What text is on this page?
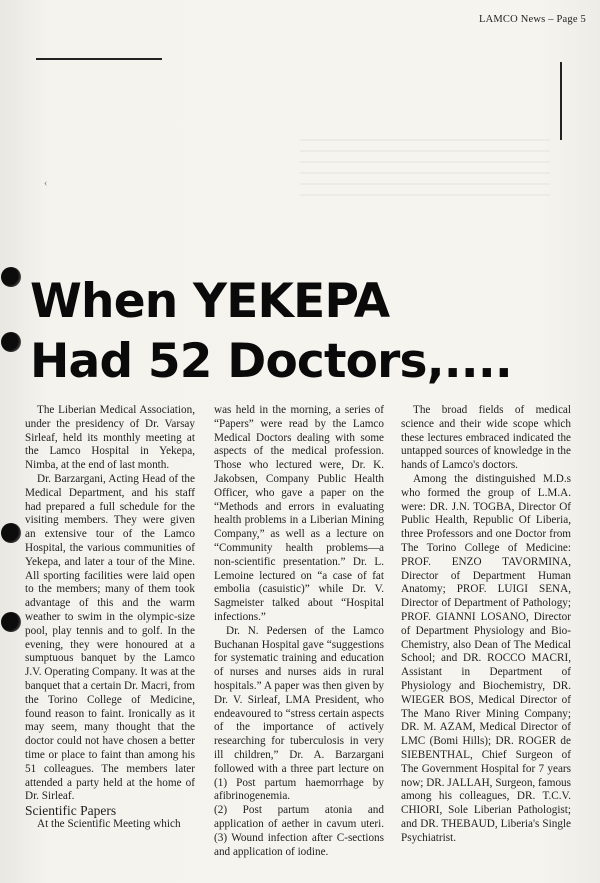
LAMCO News – Page 5
‹
When YEKEPA
Had 52 Doctors,....

The Liberian Medical Association, under the presidency of Dr. Varsay Sirleaf, held its monthly meeting at the Lamco Hospital in Yekepa, Nimba, at the end of last month.

Dr. Barzargani, Acting Head of the Medical Department, and his staff had prepared a full schedule for the visiting members. They were given an extensive tour of the Lamco Hospital, the various communities of Yekepa, and later a tour of the Mine. All sporting facilities were laid open to the members; many of them took advantage of this and the warm weather to swim in the olympic-size pool, play tennis and to golf. In the evening, they were honoured at a sumptuous banquet by the Lamco J.V. Operating Company. It was at the banquet that a certain Dr. Macri, from the Torino College of Medicine, found reason to faint. Ironically as it may seem, many thought that the doctor could not have chosen a better time or place to faint than among his 51 colleagues. The members later attended a party held at the home of Dr. Sirleaf.

Scientific Papers

At the Scientific Meeting which

was held in the morning, a series of “Papers” were read by the Lamco Medical Doctors dealing with some aspects of the medical profession. Those who lectured were, Dr. K. Jakobsen, Company Public Health Officer, who gave a paper on the “Methods and errors in evaluating health problems in a Liberian Mining Company,” as well as a lecture on “Community health problems—a non-scientific presentation.” Dr. L. Lemoine lectured on “a case of fat embolia (casuistic)” while Dr. V. Sagmeister talked about “Hospital infections.”

Dr. N. Pedersen of the Lamco Buchanan Hospital gave “suggestions for systematic training and education of nurses and nurses aids in rural hospitals.” A paper was then given by Dr. V. Sirleaf, LMA President, who endeavoured to “stress certain aspects of the importance of actively researching for tuberculosis in very ill children,” Dr. A. Barzargani followed with a three part lecture on (1) Post partum haemorrhage by afibrinogenemia.

(2) Post partum atonia and application of aether in cavum uteri. (3) Wound infection after C-sections and application of iodine.

The broad fields of medical science and their wide scope which these lectures embraced indicated the untapped sources of knowledge in the hands of Lamco's doctors.

Among the distinguished M.D.s who formed the group of L.M.A. were: DR. J.N. TOGBA, Director Of Public Health, Republic Of Liberia, three Professors and one Doctor from The Torino College of Medicine: PROF. ENZO TAVORMINA, Director of Department Human Anatomy; PROF. LUIGI SENA, Director of Department of Pathology; PROF. GIANNI LOSANO, Director of Department Physiology and Bio-Chemistry, also Dean of The Medical School; and DR. ROCCO MACRI, Assistant in Department of Physiology and Biochemistry, DR. WIEGER BOS, Medical Director of The Mano River Mining Company; DR. M. AZAM, Medical Director of LMC (Bomi Hills); DR. ROGER de SIEBENTHAL, Chief Surgeon of The Government Hospital for 7 years now; DR. JALLAH, Surgeon, famous among his colleagues, DR. T.C.V. CHIORI, Sole Liberian Pathologist; and DR. THEBAUD, Liberia's Single Psychiatrist.
